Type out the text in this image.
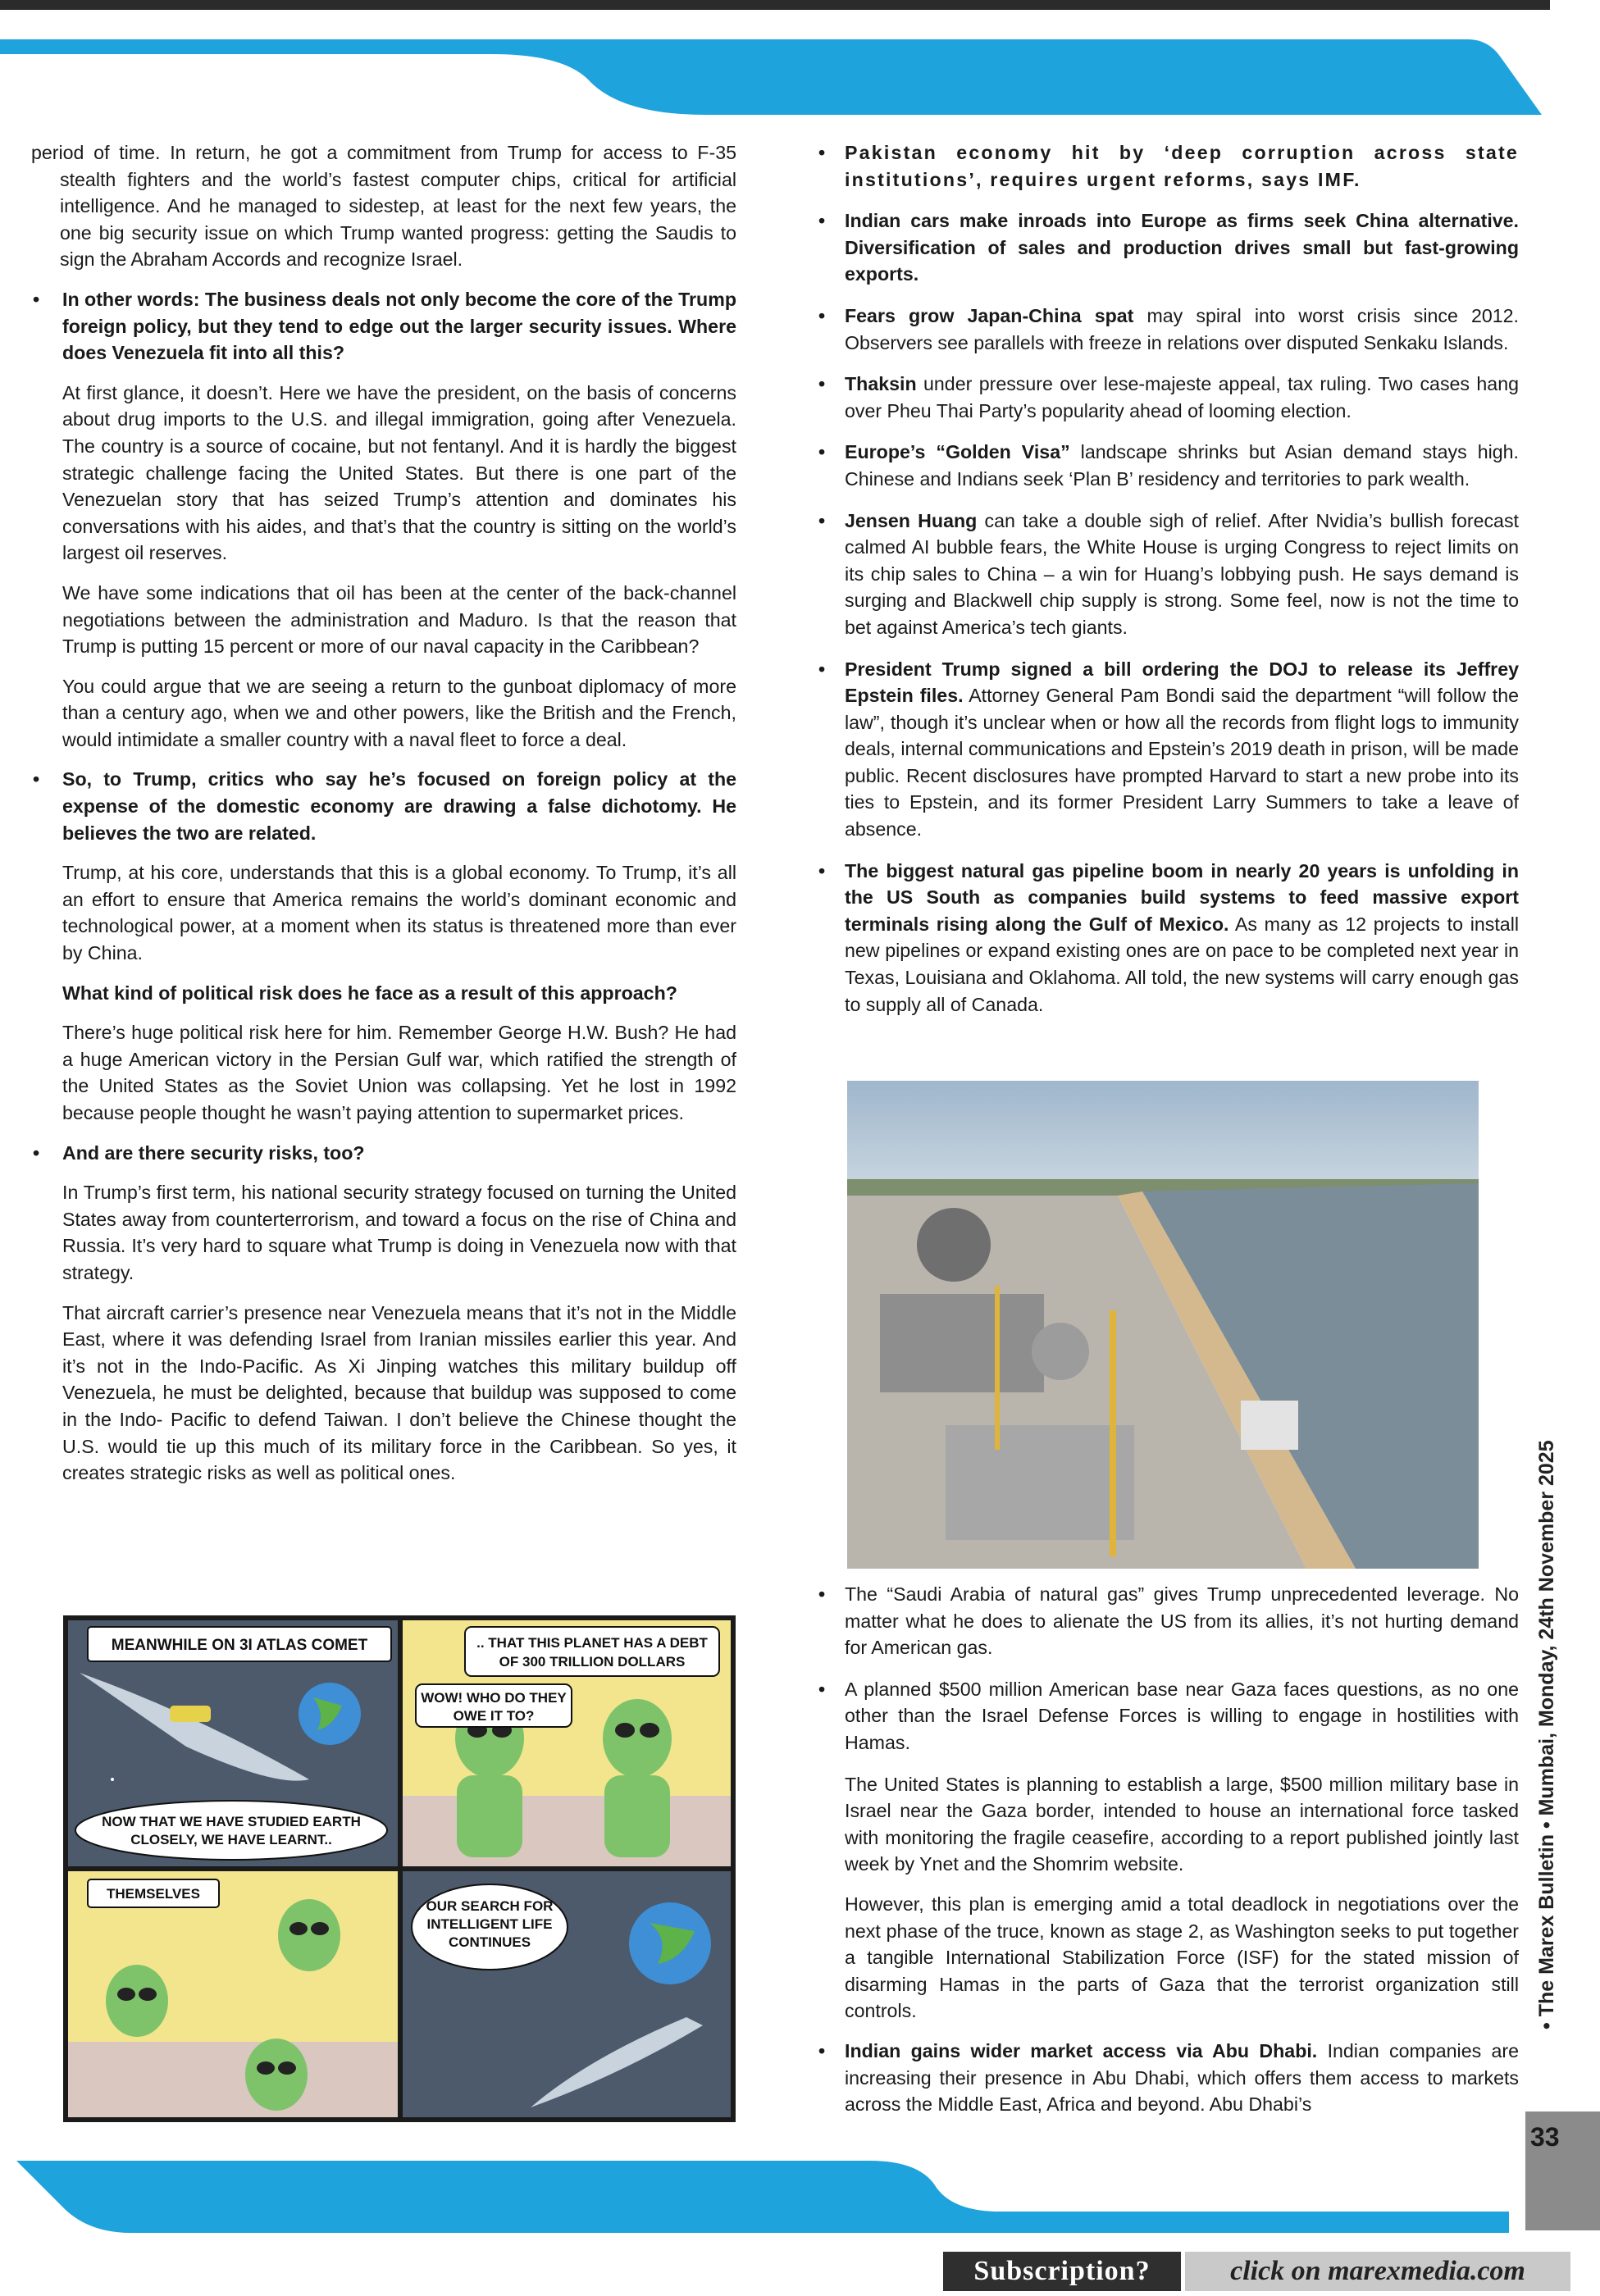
period of time. In return, he got a commitment from Trump for access to F-35 stealth fighters and the world’s fastest computer chips, critical for artificial intelligence. And he managed to sidestep, at least for the next few years, the one big security issue on which Trump wanted progress: getting the Saudis to sign the Abraham Accords and recognize Israel.

• In other words: The business deals not only become the core of the Trump foreign policy, but they tend to edge out the larger security issues. Where does Venezuela fit into all this?

At first glance, it doesn’t. Here we have the president, on the basis of concerns about drug imports to the U.S. and illegal immigration, going after Venezuela. The country is a source of cocaine, but not fentanyl. And it is hardly the biggest strategic challenge facing the United States. But there is one part of the Venezuelan story that has seized Trump’s attention and dominates his conversations with his aides, and that’s that the country is sitting on the world’s largest oil reserves.

We have some indications that oil has been at the center of the back-channel negotiations between the administration and Maduro. Is that the reason that Trump is putting 15 percent or more of our naval capacity in the Caribbean?

You could argue that we are seeing a return to the gunboat diplomacy of more than a century ago, when we and other powers, like the British and the French, would intimidate a smaller country with a naval fleet to force a deal.

• So, to Trump, critics who say he’s focused on foreign policy at the expense of the domestic economy are drawing a false dichotomy. He believes the two are related.

Trump, at his core, understands that this is a global economy. To Trump, it’s all an effort to ensure that America remains the world’s dominant economic and technological power, at a moment when its status is threatened more than ever by China.

What kind of political risk does he face as a result of this approach?

There’s huge political risk here for him. Remember George H.W. Bush? He had a huge American victory in the Persian Gulf war, which ratified the strength of the United States as the Soviet Union was collapsing. Yet he lost in 1992 because people thought he wasn’t paying attention to supermarket prices.

• And are there security risks, too?

In Trump’s first term, his national security strategy focused on turning the United States away from counterterrorism, and toward a focus on the rise of China and Russia. It’s very hard to square what Trump is doing in Venezuela now with that strategy.

That aircraft carrier’s presence near Venezuela means that it’s not in the Middle East, where it was defending Israel from Iranian missiles earlier this year. And it’s not in the Indo-Pacific. As Xi Jinping watches this military buildup off Venezuela, he must be delighted, because that buildup was supposed to come in the Indo- Pacific to defend Taiwan. I don’t believe the Chinese thought the U.S. would tie up this much of its military force in the Caribbean. So yes, it creates strategic risks as well as political ones.

MEANWHILE ON 3I ATLAS COMET
NOW THAT WE HAVE STUDIED EARTH
CLOSELY, WE HAVE LEARNT..
.. THAT THIS PLANET HAS A DEBT
OF 300 TRILLION DOLLARS
WOW! WHO DO THEY
OWE IT TO?
THEMSELVES
OUR SEARCH FOR
INTELLIGENT LIFE
CONTINUES

• Pakistan economy hit by ‘deep corruption across state institutions’, requires urgent reforms, says IMF.

• Indian cars make inroads into Europe as firms seek China alternative. Diversification of sales and production drives small but fast-growing exports.

• Fears grow Japan-China spat may spiral into worst crisis since 2012. Observers see parallels with freeze in relations over disputed Senkaku Islands.

• Thaksin under pressure over lese-majeste appeal, tax ruling. Two cases hang over Pheu Thai Party’s popularity ahead of looming election.

• Europe’s “Golden Visa” landscape shrinks but Asian demand stays high. Chinese and Indians seek ‘Plan B’ residency and territories to park wealth.

• Jensen Huang can take a double sigh of relief. After Nvidia’s bullish forecast calmed AI bubble fears, the White House is urging Congress to reject limits on its chip sales to China – a win for Huang’s lobbying push. He says demand is surging and Blackwell chip supply is strong. Some feel, now is not the time to bet against America’s tech giants.

• President Trump signed a bill ordering the DOJ to release its Jeffrey Epstein files. Attorney General Pam Bondi said the department “will follow the law”, though it’s unclear when or how all the records from flight logs to immunity deals, internal communications and Epstein’s 2019 death in prison, will be made public. Recent disclosures have prompted Harvard to start a new probe into its ties to Epstein, and its former President Larry Summers to take a leave of absence.

• The biggest natural gas pipeline boom in nearly 20 years is unfolding in the US South as companies build systems to feed massive export terminals rising along the Gulf of Mexico. As many as 12 projects to install new pipelines or expand existing ones are on pace to be completed next year in Texas, Louisiana and Oklahoma. All told, the new systems will carry enough gas to supply all of Canada.

• The “Saudi Arabia of natural gas” gives Trump unprecedented leverage. No matter what he does to alienate the US from its allies, it’s not hurting demand for American gas.

• A planned $500 million American base near Gaza faces questions, as no one other than the Israel Defense Forces is willing to engage in hostilities with Hamas.

The United States is planning to establish a large, $500 million military base in Israel near the Gaza border, intended to house an international force tasked with monitoring the fragile ceasefire, according to a report published jointly last week by Ynet and the Shomrim website.

However, this plan is emerging amid a total deadlock in negotiations over the next phase of the truce, known as stage 2, as Washington seeks to put together a tangible International Stabilization Force (ISF) for the stated mission of disarming Hamas in the parts of Gaza that the terrorist organization still controls.

• Indian gains wider market access via Abu Dhabi. Indian companies are increasing their presence in Abu Dhabi, which offers them access to markets across the Middle East, Africa and beyond. Abu Dhabi’s

• The Marex Bulletin • Mumbai, Monday, 24th November 2025
33
Subscription?	click on marexmedia.com
